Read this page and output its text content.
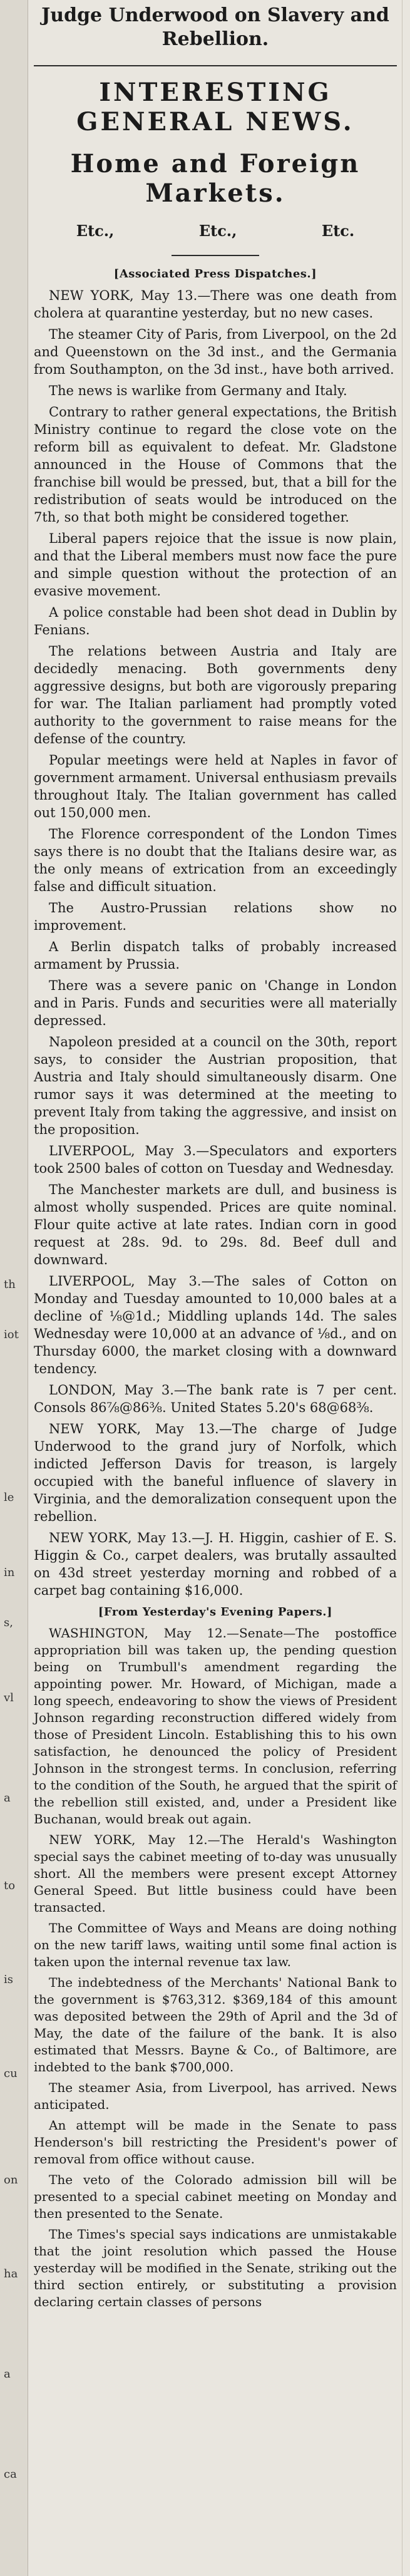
th
iot
le
in
s,
vl
a
to
is
cu
on
ha
a
ca
Judge Underwood on Slavery and Rebellion.
INTERESTING GENERAL NEWS.
Home and Foreign Markets.
Etc.,	Etc.,	Etc.
[Associated Press Dispatches.]

NEW YORK, May 13.—There was one death from cholera at quarantine yesterday, but no new cases.

The steamer City of Paris, from Liverpool, on the 2d and Queenstown on the 3d inst., and the Germania from Southampton, on the 3d inst., have both arrived.

The news is warlike from Germany and Italy.

Contrary to rather general expectations, the British Ministry continue to regard the close vote on the reform bill as equivalent to defeat. Mr. Gladstone announced in the House of Commons that the franchise bill would be pressed, but, that a bill for the redistribution of seats would be introduced on the 7th, so that both might be considered together.

Liberal papers rejoice that the issue is now plain, and that the Liberal members must now face the pure and simple question without the protection of an evasive movement.

A police constable had been shot dead in Dublin by Fenians.

The relations between Austria and Italy are decidedly menacing. Both governments deny aggressive designs, but both are vigorously preparing for war. The Italian parliament had promptly voted authority to the government to raise means for the defense of the country.

Popular meetings were held at Naples in favor of government armament. Universal enthusiasm prevails throughout Italy. The Italian government has called out 150,000 men.

The Florence correspondent of the London Times says there is no doubt that the Italians desire war, as the only means of extrication from an exceedingly false and difficult situation.

The Austro-Prussian relations show no improvement.

A Berlin dispatch talks of probably increased armament by Prussia.

There was a severe panic on 'Change in London and in Paris. Funds and securities were all materially depressed.

Napoleon presided at a council on the 30th, report says, to consider the Austrian proposition, that Austria and Italy should simultaneously disarm. One rumor says it was determined at the meeting to prevent Italy from taking the aggressive, and insist on the proposition.

LIVERPOOL, May 3.—Speculators and exporters took 2500 bales of cotton on Tuesday and Wednesday.

The Manchester markets are dull, and business is almost wholly suspended. Prices are quite nominal. Flour quite active at late rates. Indian corn in good request at 28s. 9d. to 29s. 8d. Beef dull and downward.

LIVERPOOL, May 3.—The sales of Cotton on Monday and Tuesday amounted to 10,000 bales at a decline of ⅛@1d.; Middling uplands 14d. The sales Wednesday were 10,000 at an advance of ⅛d., and on Thursday 6000, the market closing with a downward tendency.

LONDON, May 3.—The bank rate is 7 per cent. Consols 86⅞@86⅜. United States 5.20's 68@68⅜.

NEW YORK, May 13.—The charge of Judge Underwood to the grand jury of Norfolk, which indicted Jefferson Davis for treason, is largely occupied with the baneful influence of slavery in Virginia, and the demoralization consequent upon the rebellion.

NEW YORK, May 13.—J. H. Higgin, cashier of E. S. Higgin & Co., carpet dealers, was brutally assaulted on 43d street yesterday morning and robbed of a carpet bag containing $16,000.

[From Yesterday's Evening Papers.]

WASHINGTON, May 12.—Senate—The postoffice appropriation bill was taken up, the pending question being on Trumbull's amendment regarding the appointing power. Mr. Howard, of Michigan, made a long speech, endeavoring to show the views of President Johnson regarding reconstruction differed widely from those of President Lincoln. Establishing this to his own satisfaction, he denounced the policy of President Johnson in the strongest terms. In conclusion, referring to the condition of the South, he argued that the spirit of the rebellion still existed, and, under a President like Buchanan, would break out again.

NEW YORK, May 12.—The Herald's Washington special says the cabinet meeting of to-day was unusually short. All the members were present except Attorney General Speed. But little business could have been transacted.

The Committee of Ways and Means are doing nothing on the new tariff laws, waiting until some final action is taken upon the internal revenue tax law.

The indebtedness of the Merchants' National Bank to the government is $763,312. $369,184 of this amount was deposited between the 29th of April and the 3d of May, the date of the failure of the bank. It is also estimated that Messrs. Bayne & Co., of Baltimore, are indebted to the bank $700,000.

The steamer Asia, from Liverpool, has arrived. News anticipated.

An attempt will be made in the Senate to pass Henderson's bill restricting the President's power of removal from office without cause.

The veto of the Colorado admission bill will be presented to a special cabinet meeting on Monday and then presented to the Senate.

The Times's special says indications are unmistakable that the joint resolution which passed the House yesterday will be modified in the Senate, striking out the third section entirely, or substituting a provision declaring certain classes of persons
